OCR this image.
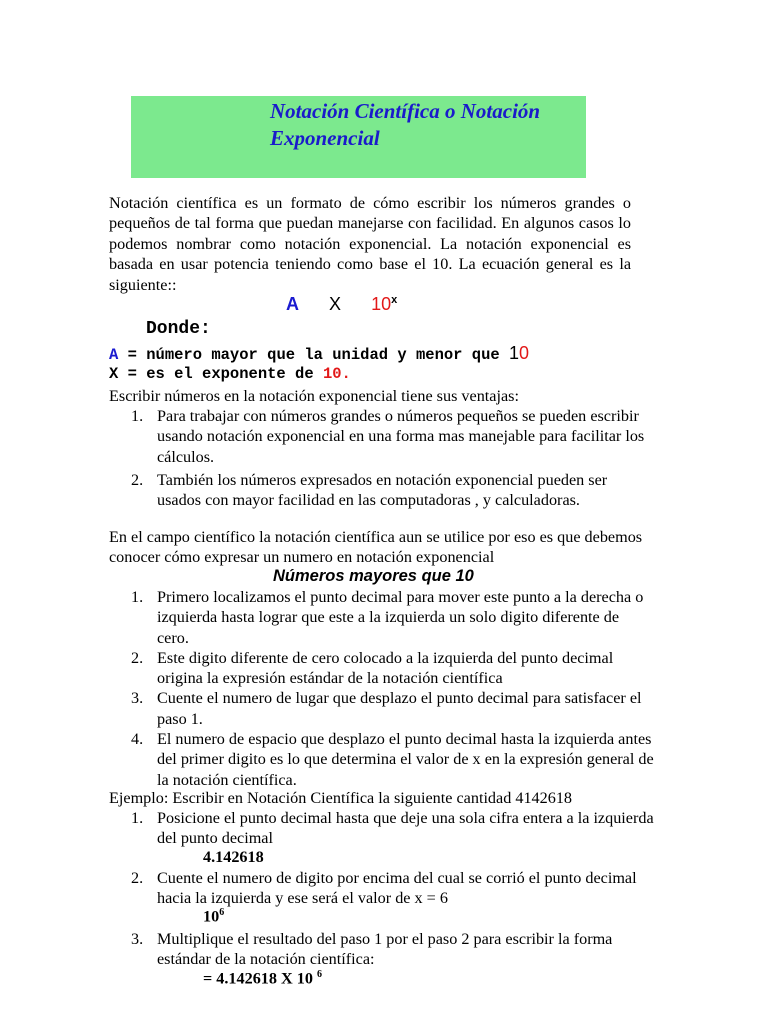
Notación Científica o Notación Exponencial
Notación científica es un formato de cómo escribir los números grandes o pequeños de tal forma que puedan manejarse con facilidad. En algunos casos lo podemos nombrar como notación exponencial. La notación exponencial es basada en usar potencia teniendo como base el 10. La ecuación general es la siguiente::
A X 10$^x$
Donde:
A = número mayor que la unidad y menor que 10
X = es el exponente de 10.
Escribir números en la notación exponencial tiene sus ventajas:
1. Para trabajar con números grandes o números pequeños se pueden escribir usando notación exponencial en una forma mas manejable para facilitar los cálculos.
2. También los números expresados en notación exponencial pueden ser usados con mayor facilidad en las computadoras , y calculadoras.
En el campo científico la notación científica aun se utilice por eso es que debemos conocer cómo expresar un numero en notación exponencial
Números mayores que 10
1. Primero localizamos el punto decimal para mover este punto a la derecha o izquierda hasta lograr que este a la izquierda un solo digito diferente de cero.
2. Este digito diferente de cero colocado a la izquierda del punto decimal origina la expresión estándar de la notación científica
3. Cuente el numero de lugar que desplazo el punto decimal para satisfacer el paso 1.
4. El numero de espacio que desplazo el punto decimal hasta la izquierda antes del primer digito es lo que determina el valor de x en la expresión general de la notación científica.
Ejemplo: Escribir en Notación Científica la siguiente cantidad 4142618
1. Posicione el punto decimal hasta que deje una sola cifra entera a la izquierda del punto decimal
4.142618
2. Cuente el numero de digito por encima del cual se corrió el punto decimal hacia la izquierda y ese será el valor de x = 6
$10^6$
3. Multiplique el resultado del paso 1 por el paso 2 para escribir la forma estándar de la notación científica:
= 4.142618 X 10 $^6$
